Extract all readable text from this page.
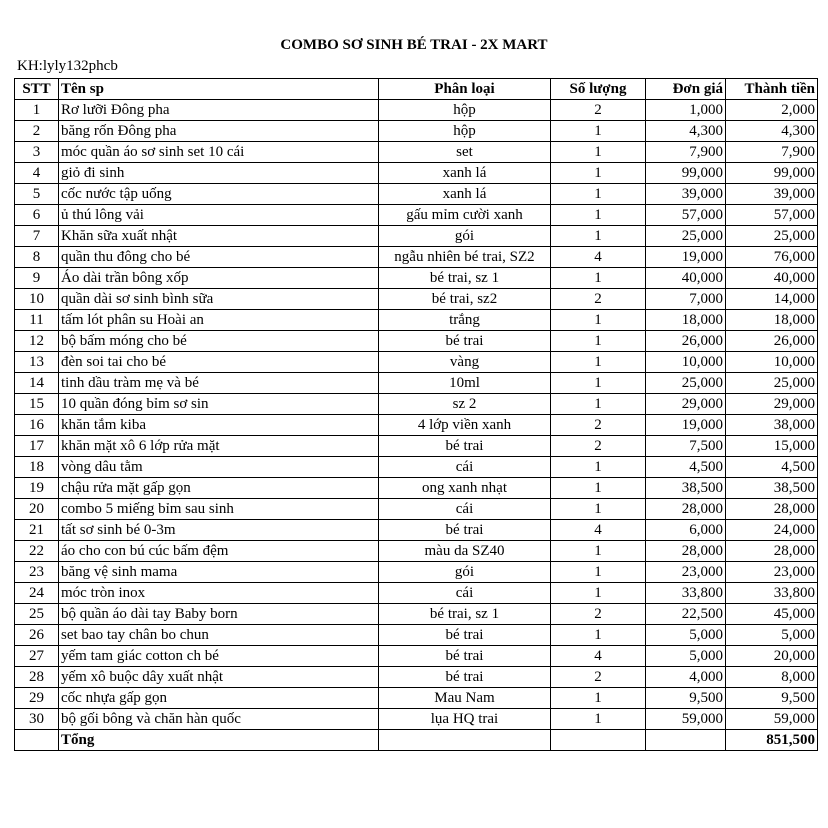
COMBO SƠ SINH BÉ TRAI - 2X MART
KH:lyly132phcb
STT	Tên sp	Phân loại	Số lượng	Đơn giá	Thành tiền
1	Rơ lưỡi Đông pha	hộp	2	1,000	2,000
2	băng rốn Đông pha	hộp	1	4,300	4,300
3	móc quần áo sơ sinh set 10 cái	set	1	7,900	7,900
4	giỏ đi sinh	xanh lá	1	99,000	99,000
5	cốc nước tập uống	xanh lá	1	39,000	39,000
6	ủ thú lông vải	gấu mỉm cười xanh	1	57,000	57,000
7	Khăn sữa xuất nhật	gói	1	25,000	25,000
8	quần thu đông cho bé	ngẫu nhiên bé trai, SZ2	4	19,000	76,000
9	Áo dài trần bông xốp	bé trai, sz 1	1	40,000	40,000
10	quần dài sơ sinh bình sữa	bé trai, sz2	2	7,000	14,000
11	tấm lót phân su Hoài an	trắng	1	18,000	18,000
12	bộ bấm móng cho bé	bé trai	1	26,000	26,000
13	đèn soi tai cho bé	vàng	1	10,000	10,000
14	tinh dầu tràm mẹ và bé	10ml	1	25,000	25,000
15	10 quần đóng bỉm sơ sin	sz 2	1	29,000	29,000
16	khăn tắm kiba	4 lớp viền xanh	2	19,000	38,000
17	khăn mặt xô 6 lớp rửa mặt	bé trai	2	7,500	15,000
18	vòng dâu tằm	cái	1	4,500	4,500
19	chậu rửa mặt gấp gọn	ong xanh nhạt	1	38,500	38,500
20	combo 5 miếng bỉm sau sinh	cái	1	28,000	28,000
21	tất sơ sinh bé 0-3m	bé trai	4	6,000	24,000
22	áo cho con bú cúc bấm đệm	màu da SZ40	1	28,000	28,000
23	băng vệ sinh mama	gói	1	23,000	23,000
24	móc tròn inox	cái	1	33,800	33,800
25	bộ quần áo dài tay Baby born	bé trai, sz 1	2	22,500	45,000
26	set bao tay chân bo chun	bé trai	1	5,000	5,000
27	yếm tam giác cotton ch bé	bé trai	4	5,000	20,000
28	yếm xô buộc dây xuất nhật	bé trai	2	4,000	8,000
29	cốc nhựa gấp gọn	Mau Nam	1	9,500	9,500
30	bộ gối bông và chăn hàn quốc	lụa HQ trai	1	59,000	59,000
	Tổng				851,500
